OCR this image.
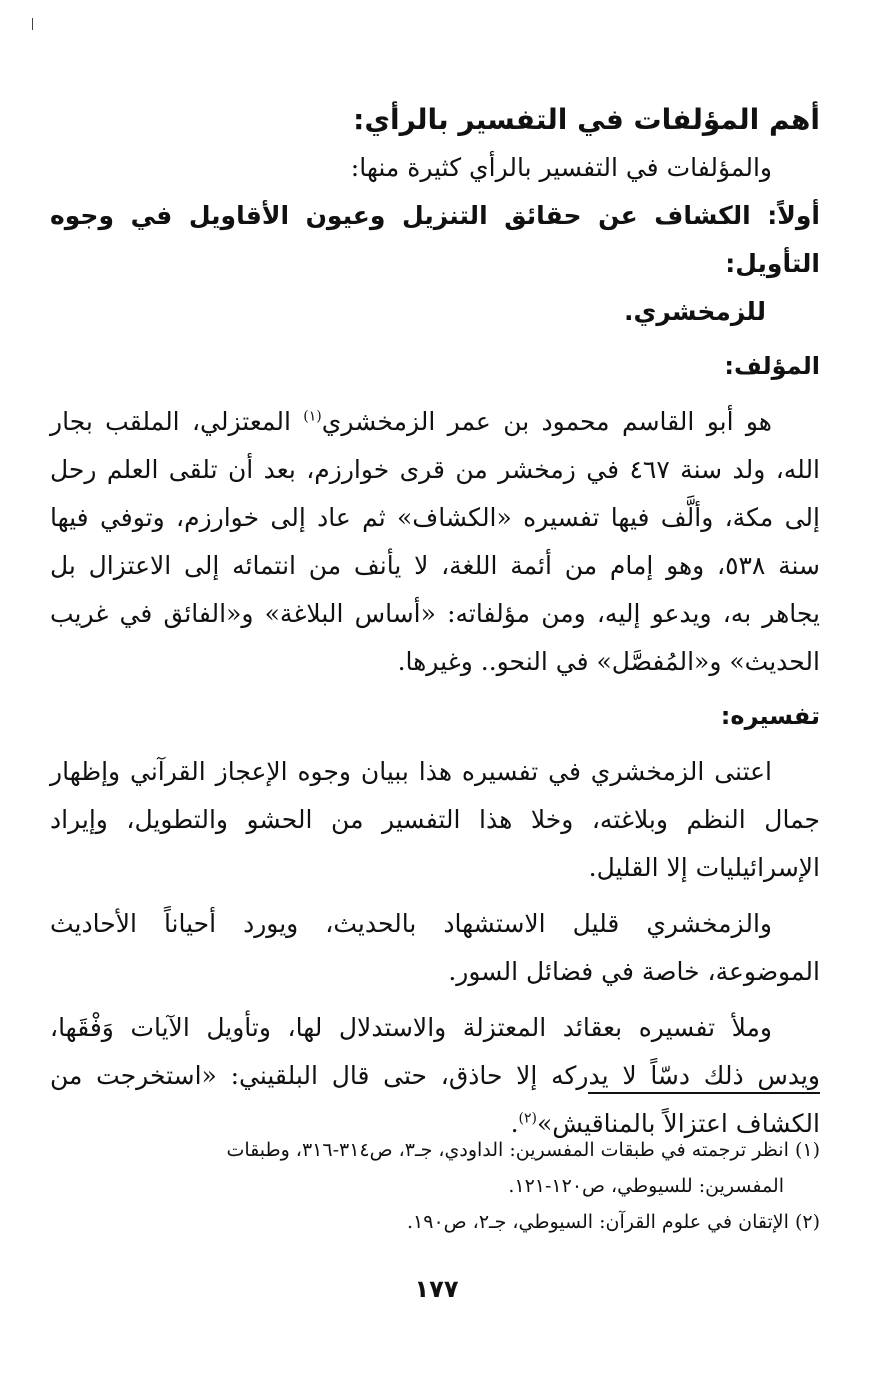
أهم المؤلفات في التفسير بالرأي:

والمؤلفات في التفسير بالرأي كثيرة منها:

أولاً: الكشاف عن حقائق التنزيل وعيون الأقاويل في وجوه التأويل:
للزمخشري.

المؤلف:

هو أبو القاسم محمود بن عمر الزمخشري$^{(١)}$ المعتزلي، الملقب بجار الله، ولد سنة ٤٦٧ في زمخشر من قرى خوارزم، بعد أن تلقى العلم رحل إلى مكة، وألَّف فيها تفسيره «الكشاف» ثم عاد إلى خوارزم، وتوفي فيها سنة ٥٣٨، وهو إمام من أئمة اللغة، لا يأنف من انتمائه إلى الاعتزال بل يجاهر به، ويدعو إليه، ومن مؤلفاته: «أساس البلاغة» و«الفائق في غريب الحديث» و«المُفصَّل» في النحو.. وغيرها.

تفسيره:

اعتنى الزمخشري في تفسيره هذا ببيان وجوه الإعجاز القرآني وإظهار جمال النظم وبلاغته، وخلا هذا التفسير من الحشو والتطويل، وإيراد الإسرائيليات إلا القليل.

والزمخشري قليل الاستشهاد بالحديث، ويورد أحياناً الأحاديث الموضوعة، خاصة في فضائل السور.

وملأ تفسيره بعقائد المعتزلة والاستدلال لها، وتأويل الآيات وَفْقَها، ويدس ذلك دسّاً لا يدركه إلا حاذق، حتى قال البلقيني: «استخرجت من الكشاف اعتزالاً بالمناقيش»$^{(٢)}$.

(١) انظر ترجمته في طبقات المفسرين: الداودي، جـ٣، ص٣١٤-٣١٦، وطبقات
المفسرين: للسيوطي، ص١٢٠-١٢١.

(٢) الإتقان في علوم القرآن: السيوطي، جـ٢، ص١٩٠.

١٧٧
